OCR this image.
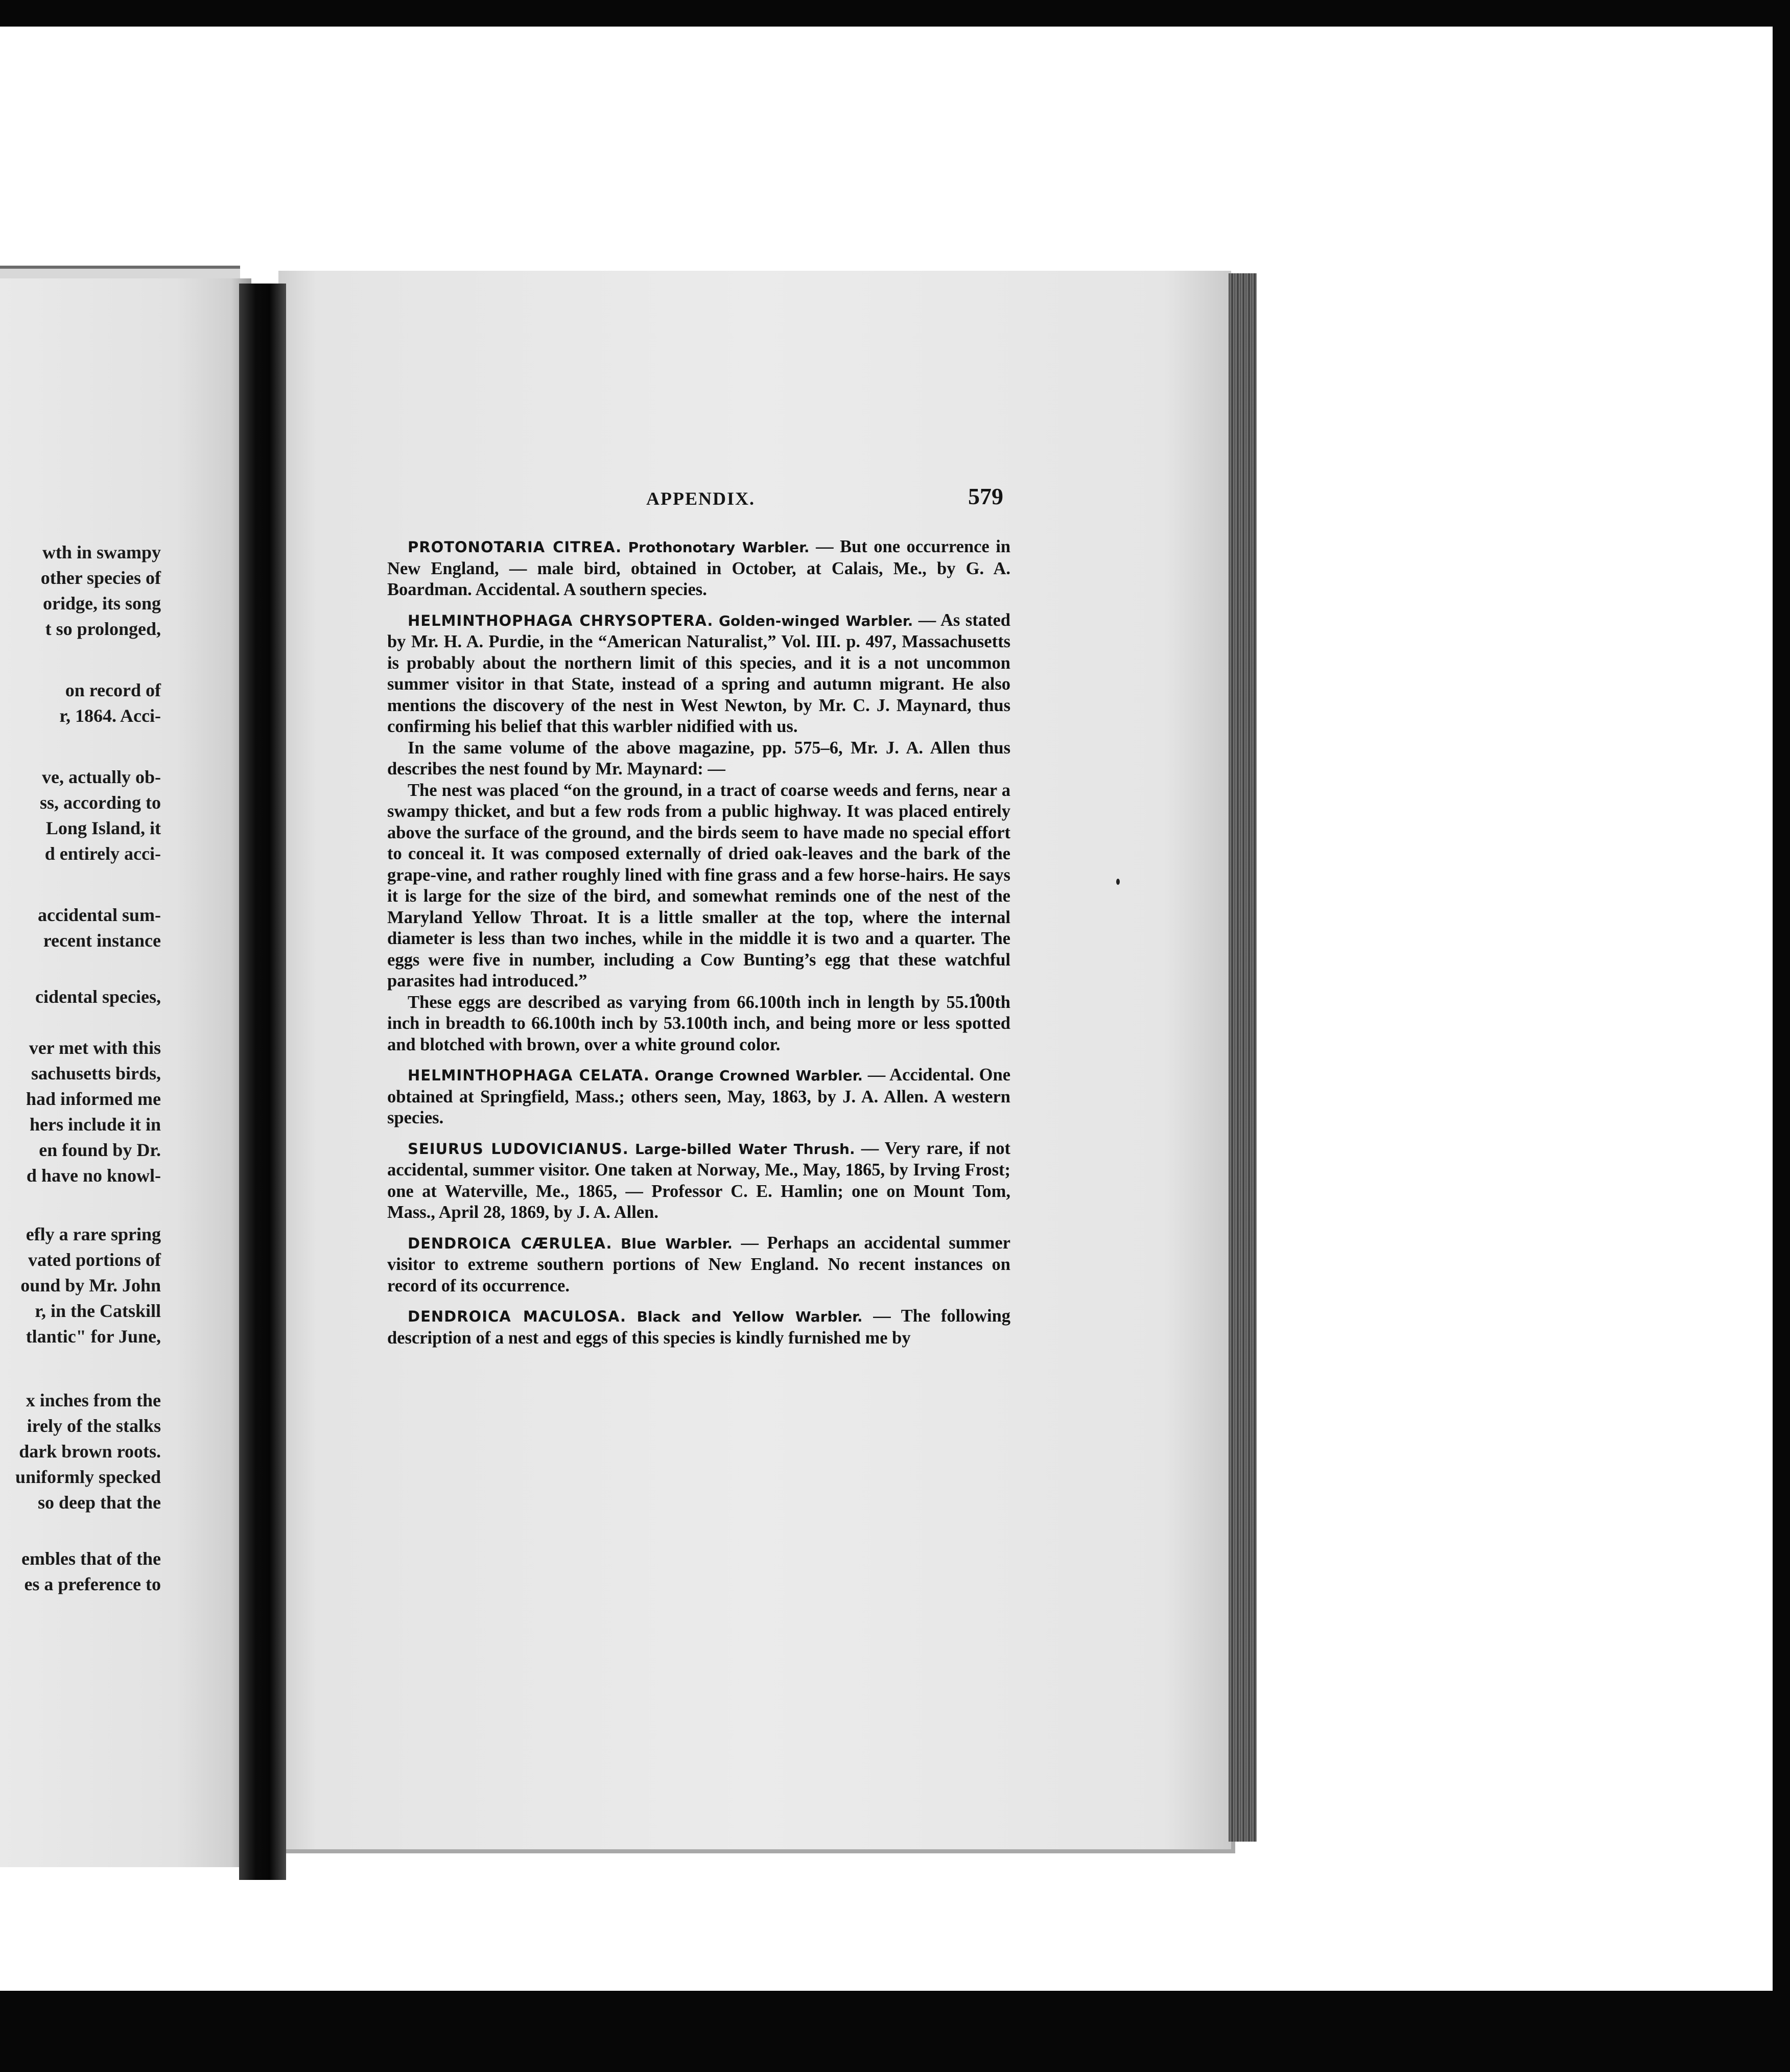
wth in swampy
other species of
oridge, its song
t so prolonged,
on record of
r, 1864. Acci-
ve, actually ob-
ss, according to
Long Island, it
d entirely acci-
accidental sum-
recent instance
cidental species,
ver met with this
sachusetts birds,
had informed me
hers include it in
en found by Dr.
d have no knowl-
efly a rare spring
vated portions of
ound by Mr. John
r, in the Catskill
tlantic" for June,
x inches from the
irely of the stalks
dark brown roots.
uniformly specked
so deep that the
embles that of the
es a preference to
APPENDIX.	579

PROTONOTARIA CITREA. Prothonotary Warbler. — But one occurrence in New England, — male bird, obtained in October, at Calais, Me., by G. A. Boardman. Accidental. A southern species.

HELMINTHOPHAGA CHRYSOPTERA. Golden-winged Warbler. — As stated by Mr. H. A. Purdie, in the “American Naturalist,” Vol. III. p. 497, Massachusetts is probably about the northern limit of this species, and it is a not uncommon summer visitor in that State, instead of a spring and autumn migrant. He also mentions the discovery of the nest in West Newton, by Mr. C. J. Maynard, thus confirming his belief that this warbler nidified with us.

In the same volume of the above magazine, pp. 575–6, Mr. J. A. Allen thus describes the nest found by Mr. Maynard: —

The nest was placed “on the ground, in a tract of coarse weeds and ferns, near a swampy thicket, and but a few rods from a public highway. It was placed entirely above the surface of the ground, and the birds seem to have made no special effort to conceal it. It was composed externally of dried oak-leaves and the bark of the grape-vine, and rather roughly lined with fine grass and a few horse-hairs. He says it is large for the size of the bird, and somewhat reminds one of the nest of the Maryland Yellow Throat. It is a little smaller at the top, where the internal diameter is less than two inches, while in the middle it is two and a quarter. The eggs were five in number, including a Cow Bunting’s egg that these watchful parasites had introduced.”

These eggs are described as varying from 66.100th inch in length by 55.100th inch in breadth to 66.100th inch by 53.100th inch, and being more or less spotted and blotched with brown, over a white ground color.

HELMINTHOPHAGA CELATA. Orange Crowned Warbler. — Accidental. One obtained at Springfield, Mass.; others seen, May, 1863, by J. A. Allen. A western species.

SEIURUS LUDOVICIANUS. Large-billed Water Thrush. — Very rare, if not accidental, summer visitor. One taken at Norway, Me., May, 1865, by Irving Frost; one at Waterville, Me., 1865, — Professor C. E. Hamlin; one on Mount Tom, Mass., April 28, 1869, by J. A. Allen.

DENDROICA CÆRULEA. Blue Warbler. — Perhaps an accidental summer visitor to extreme southern portions of New England. No recent instances on record of its occurrence.

DENDROICA MACULOSA. Black and Yellow Warbler. — The following description of a nest and eggs of this species is kindly furnished me by
